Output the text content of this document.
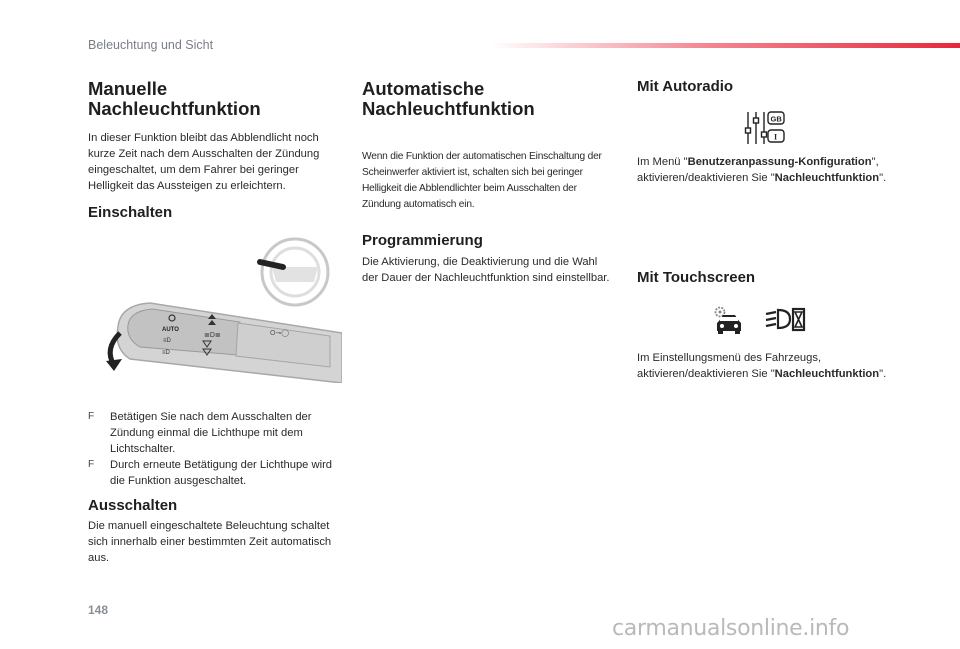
Beleuchtung und Sicht
Manuelle
Nachleuchtfunktion
In dieser Funktion bleibt das Abblendlicht noch kurze Zeit nach dem Ausschalten der Zündung eingeschaltet, um dem Fahrer bei geringer Helligkeit das Aussteigen zu erleichtern.
Einschalten
AUTO
≡D
≡D
≣D≣	O⊸◯
F	Betätigen Sie nach dem Ausschalten der Zündung einmal die Lichthupe mit dem Lichtschalter.
F	Durch erneute Betätigung der Lichthupe wird die Funktion ausgeschaltet.
Ausschalten
Die manuell eingeschaltete Beleuchtung schaltet sich innerhalb einer bestimmten Zeit automatisch aus.
Automatische
Nachleuchtfunktion
Wenn die Funktion der automatischen Einschaltung der Scheinwerfer aktiviert ist, schalten sich bei geringer Helligkeit die Abblendlichter beim Ausschalten der Zündung automatisch ein.
Programmierung
Die Aktivierung, die Deaktivierung und die Wahl der Dauer der Nachleuchtfunktion sind einstellbar.
Mit Autoradio
GB
I
Im Menü "Benutzeranpassung-Konfiguration", aktivieren/deaktivieren Sie "Nachleuchtfunktion".
Mit Touchscreen
Im Einstellungsmenü des Fahrzeugs, aktivieren/deaktivieren Sie "Nachleuchtfunktion".
148
carmanualsonline.info
